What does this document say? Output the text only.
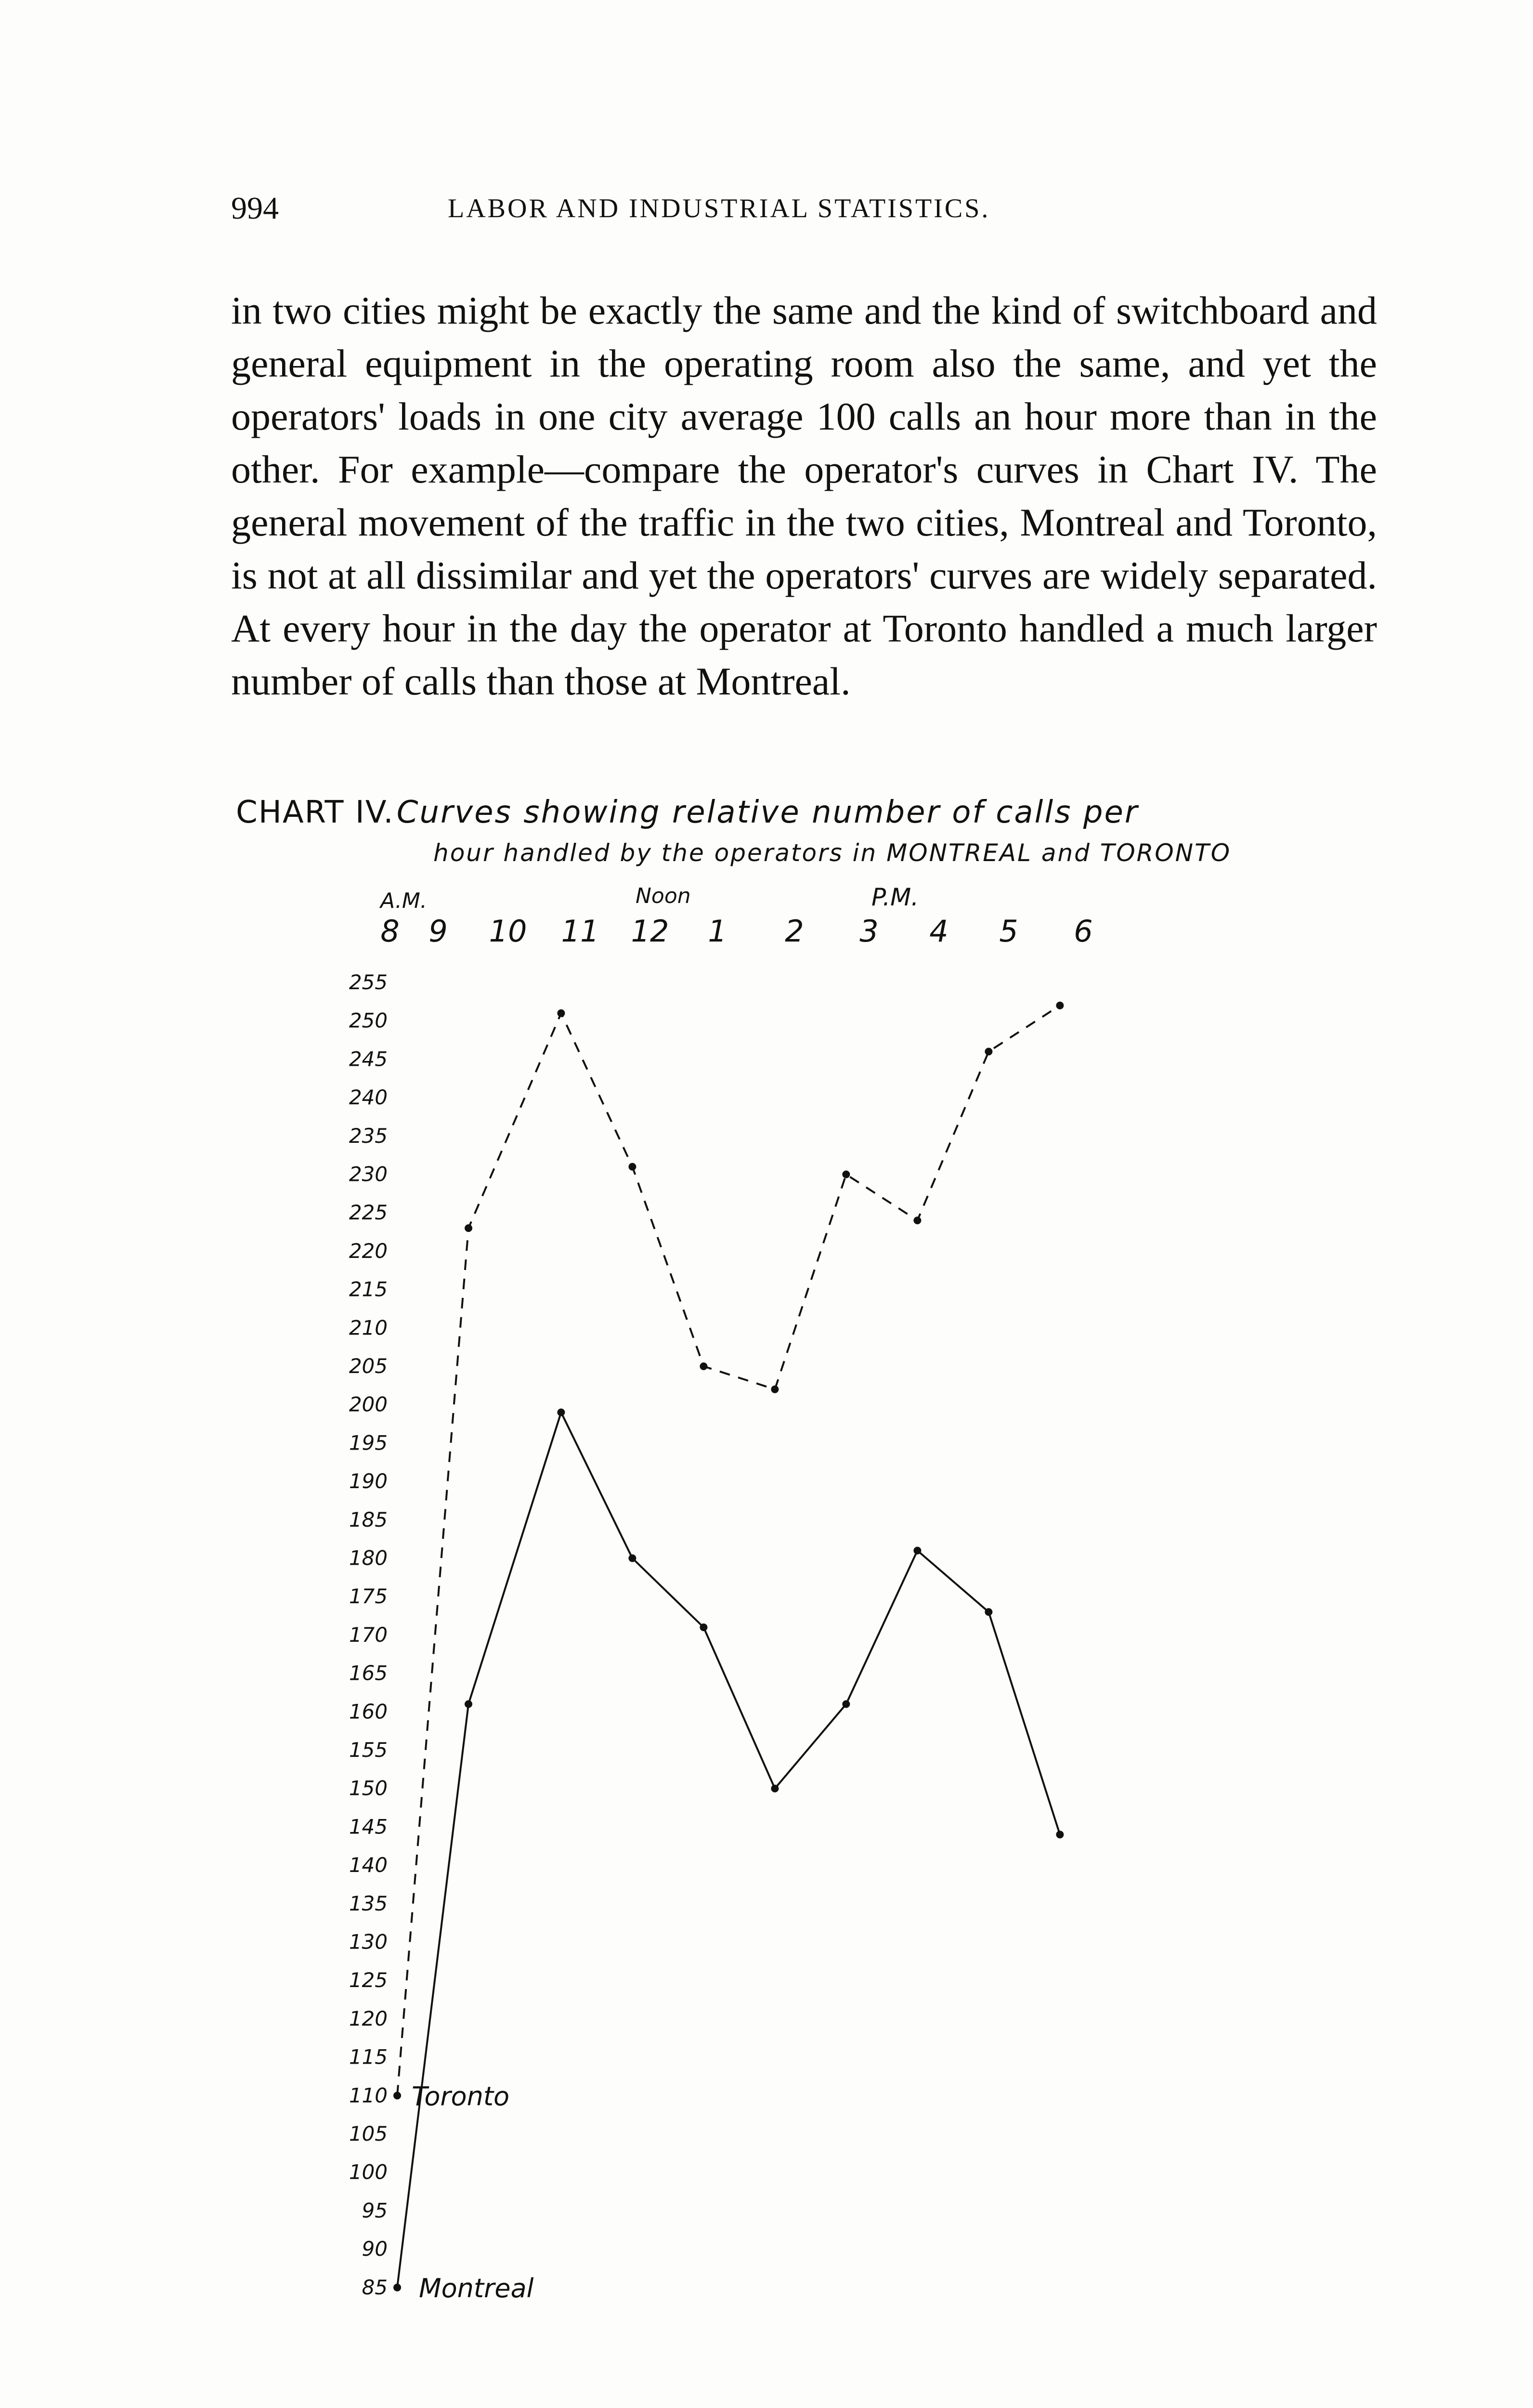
994	LABOR AND INDUSTRIAL STATISTICS.

in two cities might be exactly the same and the kind of switchboard and general equipment in the operating room also the same, and yet the operators' loads in one city average 100 calls an hour more than in the other. For example—compare the operator's curves in Chart IV. The general movement of the traffic in the two cities, Montreal and Toronto, is not at all dissimilar and yet the operators' curves are widely separated. At every hour in the day the operator at Toronto handled a much larger number of calls than those at Montreal.

CHART IV. Curves showing relative number of calls per
hour handled by the operators in MONTREAL and TORONTO
A.M.	Noon	P.M.
8 9 10 11 12 1 2 3 4 5 6
255
250
245
240
235
230
225
220
215
210
205
200
195
190
185
180
175
170
165
160
155
150
145
140
135
130
125
120
115
110
105
100
95
90
85
Toronto
Montreal
